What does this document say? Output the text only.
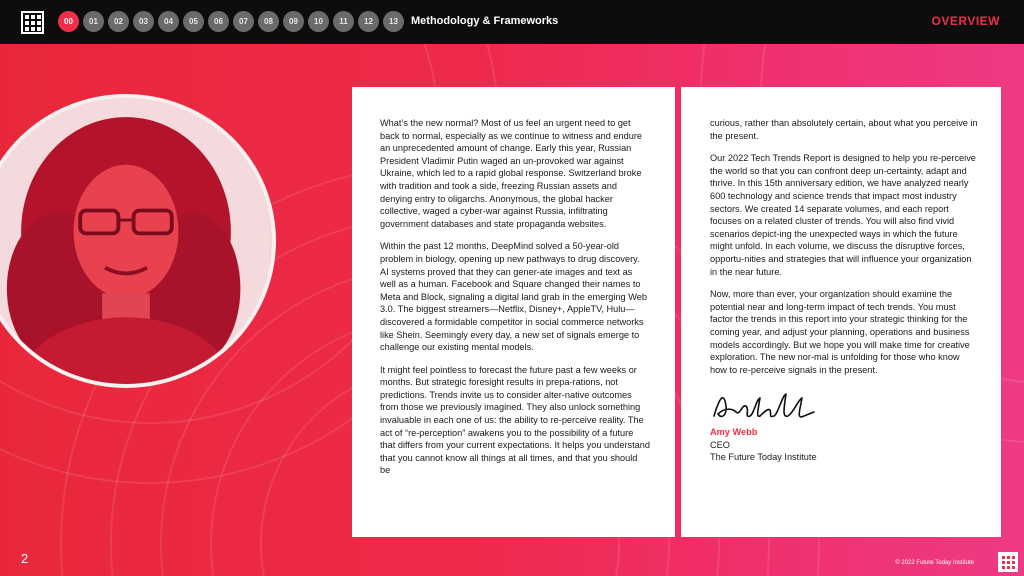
00	01	02	03	04	05	06	07	08	09	10	11	12	13	Methodology & Frameworks	OVERVIEW

What’s the new normal? Most of us feel an urgent need to get back to normal, especially as we continue to witness and endure an unprecedented amount of change. Early this year, Russian President Vladimir Putin waged an un-provoked war against Ukraine, which led to a rapid global response. Switzerland broke with tradition and took a side, freezing Russian assets and denying entry to oligarchs. Anonymous, the global hacker collective, waged a cyber-war against Russia, infiltrating government databases and state propaganda websites.

Within the past 12 months, DeepMind solved a 50-year-old problem in biology, opening up new pathways to drug discovery. AI systems proved that they can gener-ate images and text as well as a human. Facebook and Square changed their names to Meta and Block, signaling a digital land grab in the emerging Web 3.0. The biggest streamers—Netflix, Disney+, AppleTV, Hulu—discovered a formidable competitor in social commerce networks like Shein. Seemingly every day, a new set of signals emerge to challenge our existing mental models.

It might feel pointless to forecast the future past a few weeks or months. But strategic foresight results in prepa-rations, not predictions. Trends invite us to consider alter-native outcomes from those we previously imagined. They also unlock something invaluable in each one of us: the ability to re-perceive reality. The act of “re-perception” awakens you to the possibility of a future that differs from your current expectations. It helps you understand that you cannot know all things at all times, and that you should be

curious, rather than absolutely certain, about what you perceive in the present.

Our 2022 Tech Trends Report is designed to help you re-perceive the world so that you can confront deep un-certainty, adapt and thrive. In this 15th anniversary edition, we have analyzed nearly 600 technology and science trends that impact most industry sectors. We created 14 separate volumes, and each report focuses on a related cluster of trends. You will also find vivid scenarios depict-ing the unexpected ways in which the future might unfold. In each volume, we discuss the disruptive forces, opportu-nities and strategies that will influence your organization in the near future.

Now, more than ever, your organization should examine the potential near and long-term impact of tech trends. You must factor the trends in this report into your strategic thinking for the coming year, and adjust your planning, operations and business models accordingly. But we hope you will make time for creative exploration. The new nor-mal is unfolding for those who know how to re-perceive signals in the present.

Amy Webb

CEO

The Future Today Institute

2	© 2022 Future Today Institute
